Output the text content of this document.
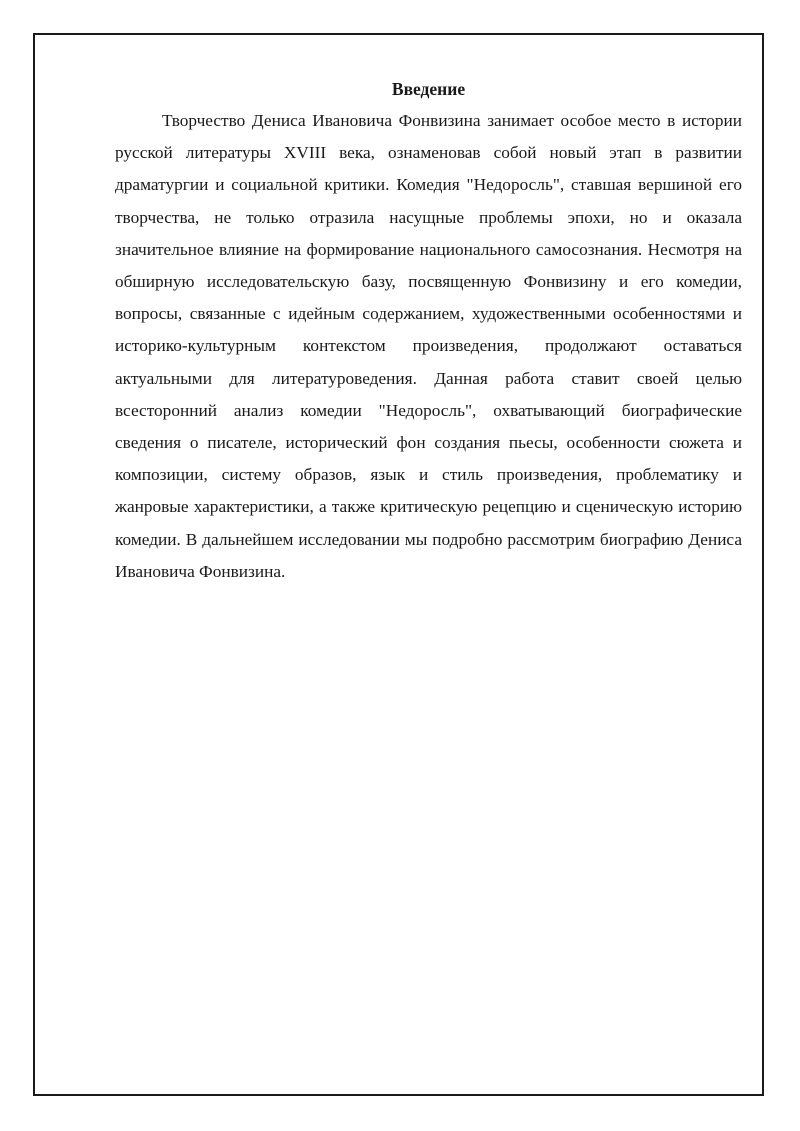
Введение

Творчество Дениса Ивановича Фонвизина занимает особое место в истории русской литературы XVIII века, ознаменовав собой новый этап в развитии драматургии и социальной критики. Комедия "Недоросль", ставшая вершиной его творчества, не только отразила насущные проблемы эпохи, но и оказала значительное влияние на формирование национального самосознания. Несмотря на обширную исследовательскую базу, посвященную Фонвизину и его комедии, вопросы, связанные с идейным содержанием, художественными особенностями и историко-культурным контекстом произведения, продолжают оставаться актуальными для литературоведения. Данная работа ставит своей целью всесторонний анализ комедии "Недоросль", охватывающий биографические сведения о писателе, исторический фон создания пьесы, особенности сюжета и композиции, систему образов, язык и стиль произведения, проблематику и жанровые характеристики, а также критическую рецепцию и сценическую историю комедии. В дальнейшем исследовании мы подробно рассмотрим биографию Дениса Ивановича Фонвизина.
